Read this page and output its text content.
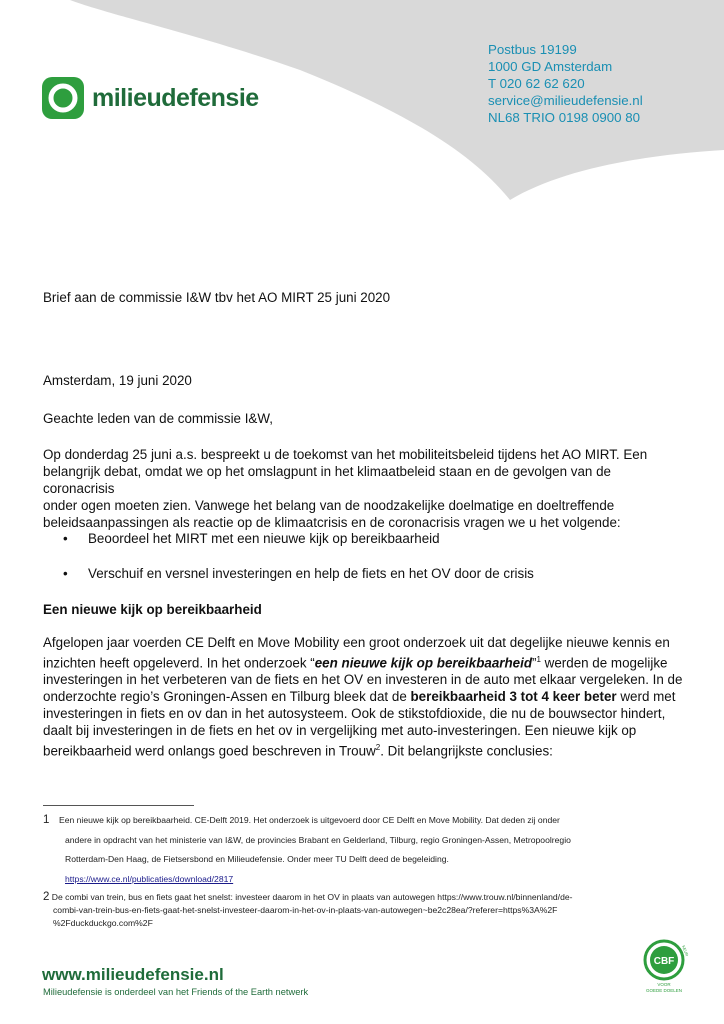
milieudefensie
Postbus 19199
1000 GD Amsterdam
T 020 62 62 620
service@milieudefensie.nl
NL68 TRIO 0198 0900 80
Brief aan de commissie I&W tbv het AO MIRT 25 juni 2020
Amsterdam, 19 juni 2020
Geachte leden van de commissie I&W,
Op donderdag 25 juni a.s. bespreekt u de toekomst van het mobiliteitsbeleid tijdens het AO MIRT. Een
belangrijk debat, omdat we op het omslagpunt in het klimaatbeleid staan en de gevolgen van de coronacrisis
onder ogen moeten zien. Vanwege het belang van de noodzakelijke doelmatige en doeltreffende
beleidsaanpassingen als reactie op de klimaatcrisis en de coronacrisis vragen we u het volgende:
•	Beoordeel het MIRT met een nieuwe kijk op bereikbaarheid
•	Verschuif en versnel investeringen en help de fiets en het OV door de crisis
Een nieuwe kijk op bereikbaarheid
Afgelopen jaar voerden CE Delft en Move Mobility een groot onderzoek uit dat degelijke nieuwe kennis en
inzichten heeft opgeleverd. In het onderzoek “een nieuwe kijk op bereikbaarheid”$^1$ werden de mogelijke
investeringen in het verbeteren van de fiets en het OV en investeren in de auto met elkaar vergeleken. In de
onderzochte regio’s Groningen-Assen en Tilburg bleek dat de bereikbaarheid 3 tot 4 keer beter werd met
investeringen in fiets en ov dan in het autosysteem. Ook de stikstofdioxide, die nu de bouwsector hindert,
daalt bij investeringen in de fiets en het ov in vergelijking met auto-investeringen. Een nieuwe kijk op
bereikbaarheid werd onlangs goed beschreven in Trouw$^2$. Dit belangrijkste conclusies:
1    Een nieuwe kijk op bereikbaarheid. CE-Delft 2019. Het onderzoek is uitgevoerd door CE Delft en Move Mobility. Dat deden zij onder
andere in opdracht van het ministerie van I&W, de provincies Brabant en Gelderland, Tilburg, regio Groningen-Assen, Metropoolregio
Rotterdam-Den Haag, de Fietsersbond en Milieudefensie. Onder meer TU Delft deed de begeleiding.
https://www.ce.nl/publicaties/download/2817
2 De combi van trein, bus en fiets gaat het snelst: investeer daarom in het OV in plaats van autowegen https://www.trouw.nl/binnenland/de-
combi-van-trein-bus-en-fiets-gaat-het-snelst-investeer-daarom-in-het-ov-in-plaats-van-autowegen~be2c28ea/?referer=https%3A%2F
%2Fduckduckgo.com%2F
www.milieudefensie.nl
Milieudefensie is onderdeel van het Friends of the Earth netwerk
CBF
KEUR
VOOR
GOEDE DOELEN
